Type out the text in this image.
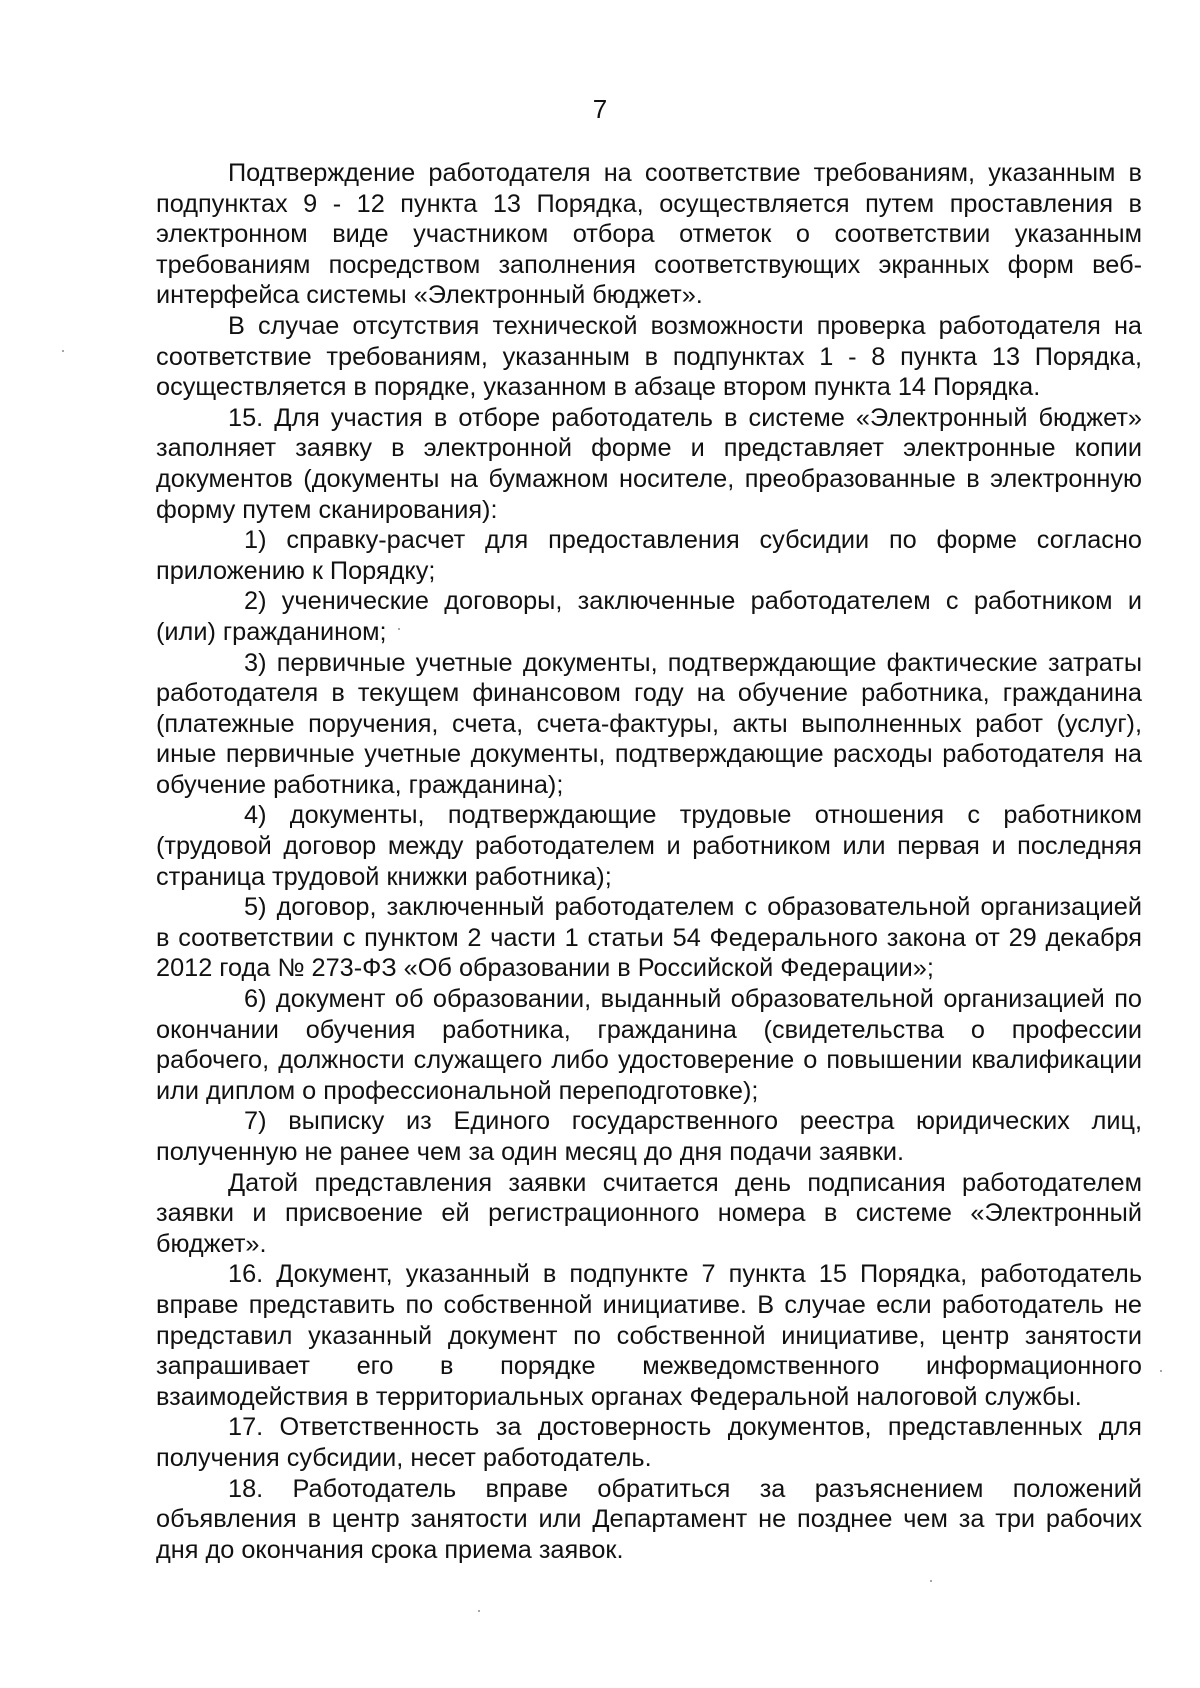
7

Подтверждение работодателя на соответствие требованиям, указанным в подпунктах 9 - 12 пункта 13 Порядка, осуществляется путем проставления в электронном виде участником отбора отметок о соответствии указанным требованиям посредством заполнения соответствующих экранных форм веб-интерфейса системы «Электронный бюджет».

В случае отсутствия технической возможности проверка работодателя на соответствие требованиям, указанным в подпунктах 1 - 8 пункта 13 Порядка, осуществляется в порядке, указанном в абзаце втором пункта 14 Порядка.

15. Для участия в отборе работодатель в системе «Электронный бюджет» заполняет заявку в электронной форме и представляет электронные копии документов (документы на бумажном носителе, преобразованные в электронную форму путем сканирования):

1) справку-расчет для предоставления субсидии по форме согласно приложению к Порядку;

2) ученические договоры, заключенные работодателем с работником и (или) гражданином;

3) первичные учетные документы, подтверждающие фактические затраты работодателя в текущем финансовом году на обучение работника, гражданина (платежные поручения, счета, счета-фактуры, акты выполненных работ (услуг), иные первичные учетные документы, подтверждающие расходы работодателя на обучение работника, гражданина);

4) документы, подтверждающие трудовые отношения с работником (трудовой договор между работодателем и работником или первая и последняя страница трудовой книжки работника);

5) договор, заключенный работодателем с образовательной организацией в соответствии с пунктом 2 части 1 статьи 54 Федерального закона от 29 декабря 2012 года № 273-ФЗ «Об образовании в Российской Федерации»;

6) документ об образовании, выданный образовательной организацией по окончании обучения работника, гражданина (свидетельства о профессии рабочего, должности служащего либо удостоверение о повышении квалификации или диплом о профессиональной переподготовке);

7) выписку из Единого государственного реестра юридических лиц, полученную не ранее чем за один месяц до дня подачи заявки.

Датой представления заявки считается день подписания работодателем заявки и присвоение ей регистрационного номера в системе «Электронный бюджет».

16. Документ, указанный в подпункте 7 пункта 15 Порядка, работодатель вправе представить по собственной инициативе. В случае если работодатель не представил указанный документ по собственной инициативе, центр занятости запрашивает его в порядке межведомственного информационного взаимодействия в территориальных органах Федеральной налоговой службы.

17. Ответственность за достоверность документов, представленных для получения субсидии, несет работодатель.

18. Работодатель вправе обратиться за разъяснением положений объявления в центр занятости или Департамент не позднее чем за три рабочих дня до окончания срока приема заявок.
